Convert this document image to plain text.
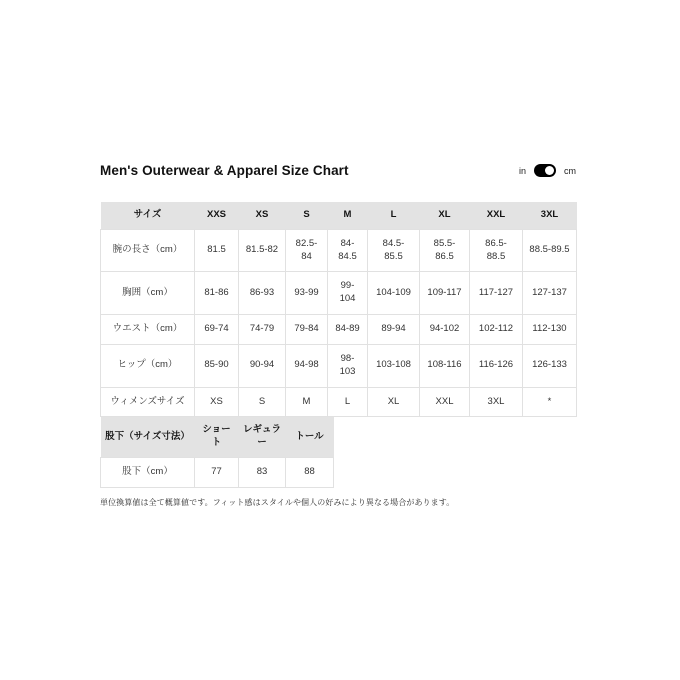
Men's Outerwear & Apparel Size Chart	in	cm
サイズ	XXS	XS	S	M	L	XL	XXL	3XL
腕の長さ（cm）	81.5	81.5-82	82.5-84	84-84.5	84.5-85.5	85.5-86.5	86.5-88.5	88.5-89.5
胸囲（cm）	81-86	86-93	93-99	99-104	104-109	109-117	117-127	127-137
ウエスト（cm）	69-74	74-79	79-84	84-89	89-94	94-102	102-112	112-130
ヒップ（cm）	85-90	90-94	94-98	98-103	103-108	108-116	116-126	126-133
ウィメンズサイズ	XS	S	M	L	XL	XXL	3XL	*
股下（サイズ寸法）	ショート	レギュラー	トール
股下（cm）	77	83	88
単位換算値は全て概算値です。フィット感はスタイルや個人の好みにより異なる場合があります。
